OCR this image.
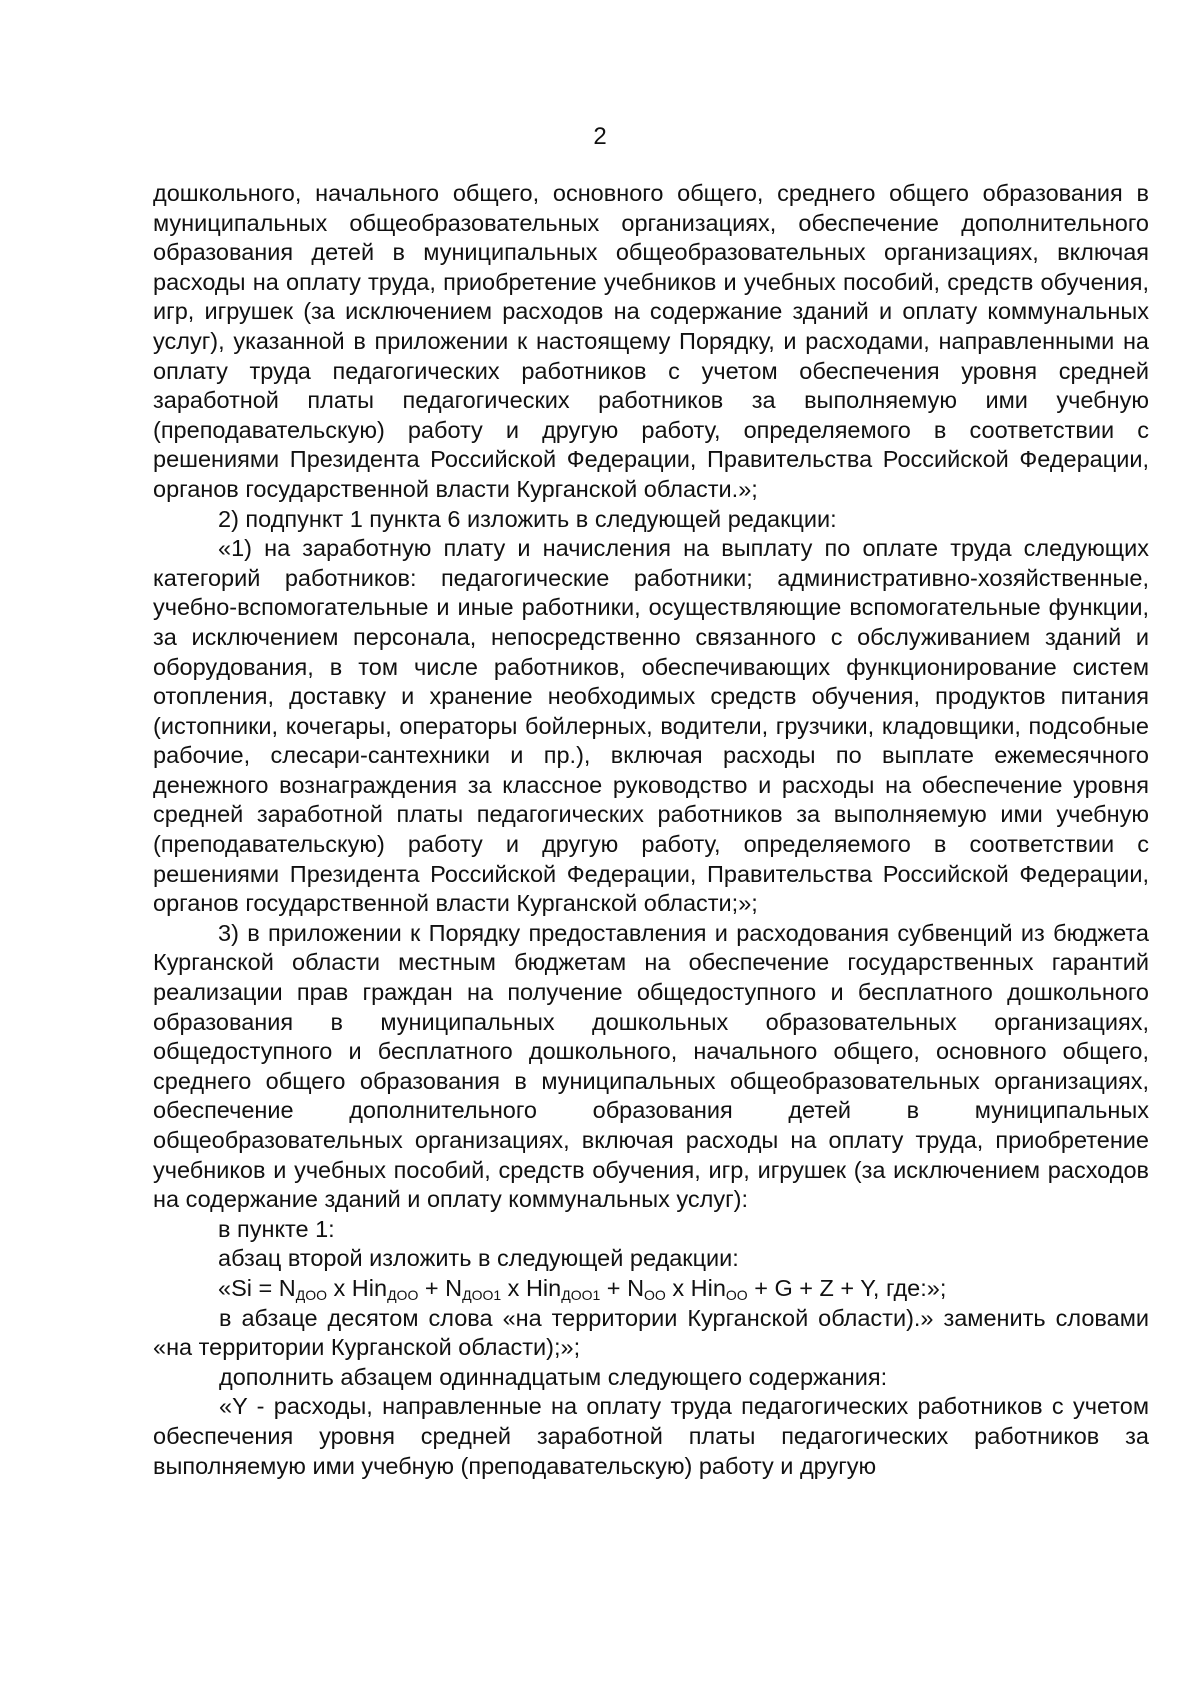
2

дошкольного, начального общего, основного общего, среднего общего образования в муниципальных общеобразовательных организациях, обеспечение дополнительного образования детей в муниципальных общеобразовательных организациях, включая расходы на оплату труда, приобретение учебников и учебных пособий, средств обучения, игр, игрушек (за исключением расходов на содержание зданий и оплату коммунальных услуг), указанной в приложении к настоящему Порядку, и расходами, направленными на оплату труда педагогических работников с учетом обеспечения уровня средней заработной платы педагогических работников за выполняемую ими учебную (преподавательскую) работу и другую работу, определяемого в соответствии с решениями Президента Российской Федерации, Правительства Российской Федерации, органов государственной власти Курганской области.»;

2) подпункт 1 пункта 6 изложить в следующей редакции:

«1) на заработную плату и начисления на выплату по оплате труда следующих категорий работников: педагогические работники; административно-хозяйственные, учебно-вспомогательные и иные работники, осуществляющие вспомогательные функции, за исключением персонала, непосредственно связанного с обслуживанием зданий и оборудования, в том числе работников, обеспечивающих функционирование систем отопления, доставку и хранение необходимых средств обучения, продуктов питания (истопники, кочегары, операторы бойлерных, водители, грузчики, кладовщики, подсобные рабочие, слесари-сантехники и пр.), включая расходы по выплате ежемесячного денежного вознаграждения за классное руководство и расходы на обеспечение уровня средней заработной платы педагогических работников за выполняемую ими учебную (преподавательскую) работу и другую работу, определяемого в соответствии с решениями Президента Российской Федерации, Правительства Российской Федерации, органов государственной власти Курганской области;»;

3) в приложении к Порядку предоставления и расходования субвенций из бюджета Курганской области местным бюджетам на обеспечение государственных гарантий реализации прав граждан на получение общедоступного и бесплатного дошкольного образования в муниципальных дошкольных образовательных организациях, общедоступного и бесплатного дошкольного, начального общего, основного общего, среднего общего образования в муниципальных общеобразовательных организациях, обеспечение дополнительного образования детей в муниципальных общеобразовательных организациях, включая расходы на оплату труда, приобретение учебников и учебных пособий, средств обучения, игр, игрушек (за исключением расходов на содержание зданий и оплату коммунальных услуг):

в пункте 1:

абзац второй изложить в следующей редакции:

«$Si = N_{ДОО}$ x $Hin_{ДОО} + N_{ДОО1}$ x $Hin_{ДОО1} + N_{ОО}$ x Hin$_{ОО}$ + G + Z + Y, где:»;

в абзаце десятом слова «на территории Курганской области).» заменить словами «на территории Курганской области);»;

дополнить абзацем одиннадцатым следующего содержания:

«Y - расходы, направленные на оплату труда педагогических работников с учетом обеспечения уровня средней заработной платы педагогических работников за выполняемую ими учебную (преподавательскую) работу и другую
